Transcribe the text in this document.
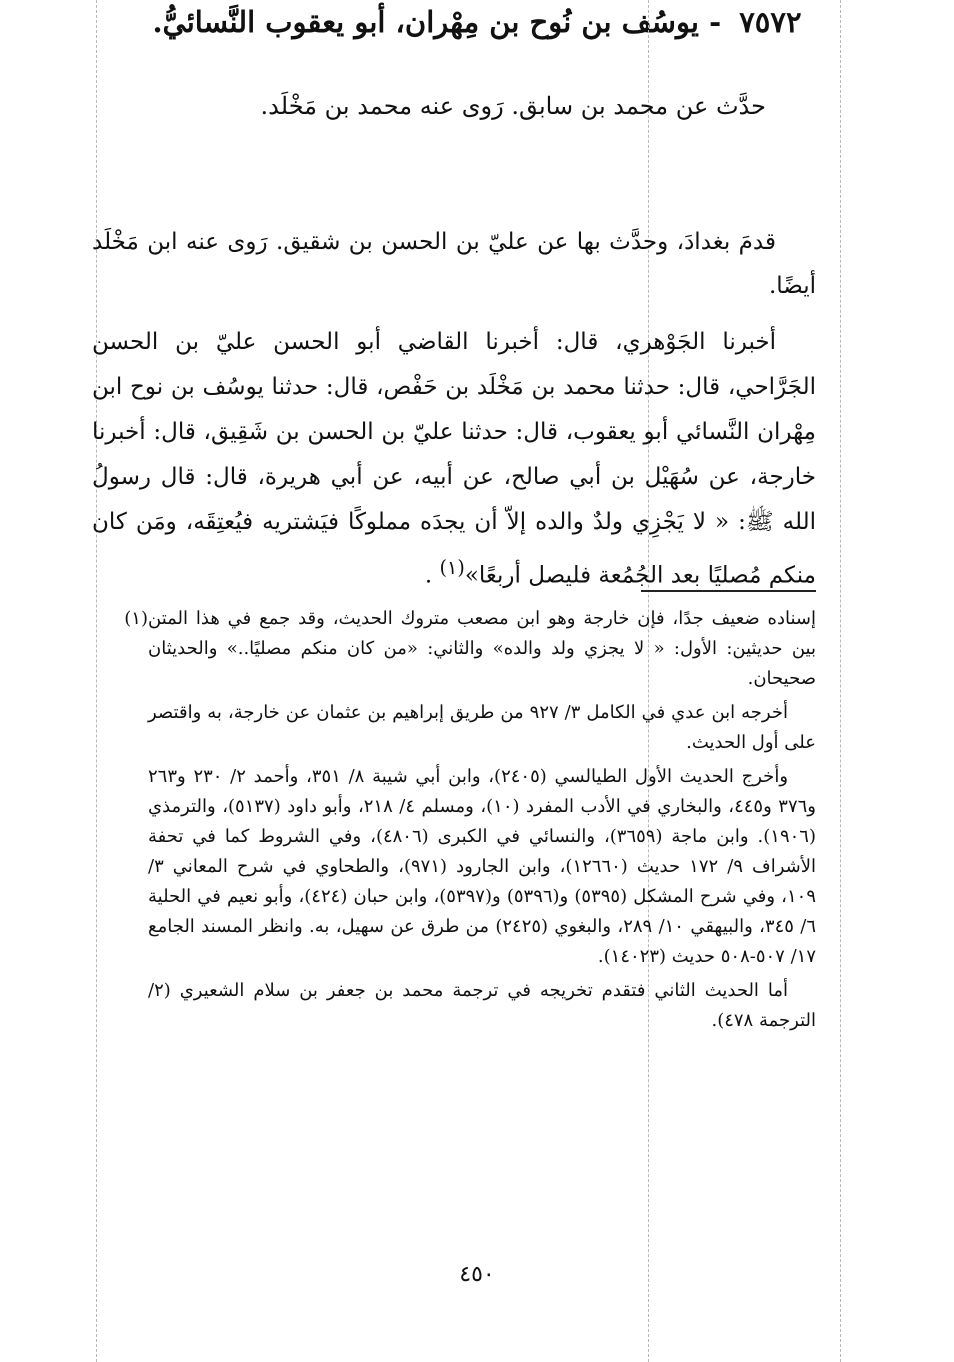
حدَّث عن محمد بن سابق. رَوى عنه محمد بن مَخْلَد.
٧٥٧٢ - يوسُف بن نُوح بن مِهْران، أبو يعقوب النَّسائيُّ.
قدمَ بغدادَ، وحدَّث بها عن عليّ بن الحسن بن شقيق. رَوى عنه ابن مَخْلَد أيضًا.
أخبرنا الجَوْهري، قال: أخبرنا القاضي أبو الحسن عليّ بن الحسن الجَرَّاحي، قال: حدثنا محمد بن مَخْلَد بن حَفْص، قال: حدثنا يوسُف بن نوح ابن مِهْران النَّسائي أبو يعقوب، قال: حدثنا عليّ بن الحسن بن شَقِيق، قال: أخبرنا خارجة، عن سُهَيْل بن أبي صالح، عن أبيه، عن أبي هريرة، قال: قال رسولُ الله ﷺ: « لا يَجْزِي ولدٌ والده إلاّ أن يجدَه مملوكًا فيَشتريه فيُعتِقَه، ومَن كان منكم مُصليًا بعد الجُمُعة فليصل أربعًا»$^{(١)}$ .
(١) إسناده ضعيف جدًا، فإن خارجة وهو ابن مصعب متروك الحديث، وقد جمع في هذا المتن بين حديثين: الأول: « لا يجزي ولد والده» والثاني: «من كان منكم مصليًا..» والحديثان صحيحان.

أخرجه ابن عدي في الكامل ٣/ ٩٢٧ من طريق إبراهيم بن عثمان عن خارجة، به واقتصر على أول الحديث.

وأخرج الحديث الأول الطيالسي (٢٤٠٥)، وابن أبي شيبة ٨/ ٣٥١، وأحمد ٢/ ٢٣٠ و٢٦٣ و٣٧٦ و٤٤٥، والبخاري في الأدب المفرد (١٠)، ومسلم ٤/ ٢١٨، وأبو داود (٥١٣٧)، والترمذي (١٩٠٦). وابن ماجة (٣٦٥٩)، والنسائي في الكبرى (٤٨٠٦)، وفي الشروط كما في تحفة الأشراف ٩/ ١٧٢ حديث (١٢٦٦٠)، وابن الجارود (٩٧١)، والطحاوي في شرح المعاني ٣/ ١٠٩، وفي شرح المشكل (٥٣٩٥) و(٥٣٩٦) و(٥٣٩٧)، وابن حبان (٤٢٤)، وأبو نعيم في الحلية ٦/ ٣٤٥، والبيهقي ١٠/ ٢٨٩، والبغوي (٢٤٢٥) من طرق عن سهيل، به. وانظر المسند الجامع ١٧/ ٥٠٧-٥٠٨ حديث (١٤٠٢٣).

أما الحديث الثاني فتقدم تخريجه في ترجمة محمد بن جعفر بن سلام الشعيري (٢/ الترجمة ٤٧٨).

٤٥٠
